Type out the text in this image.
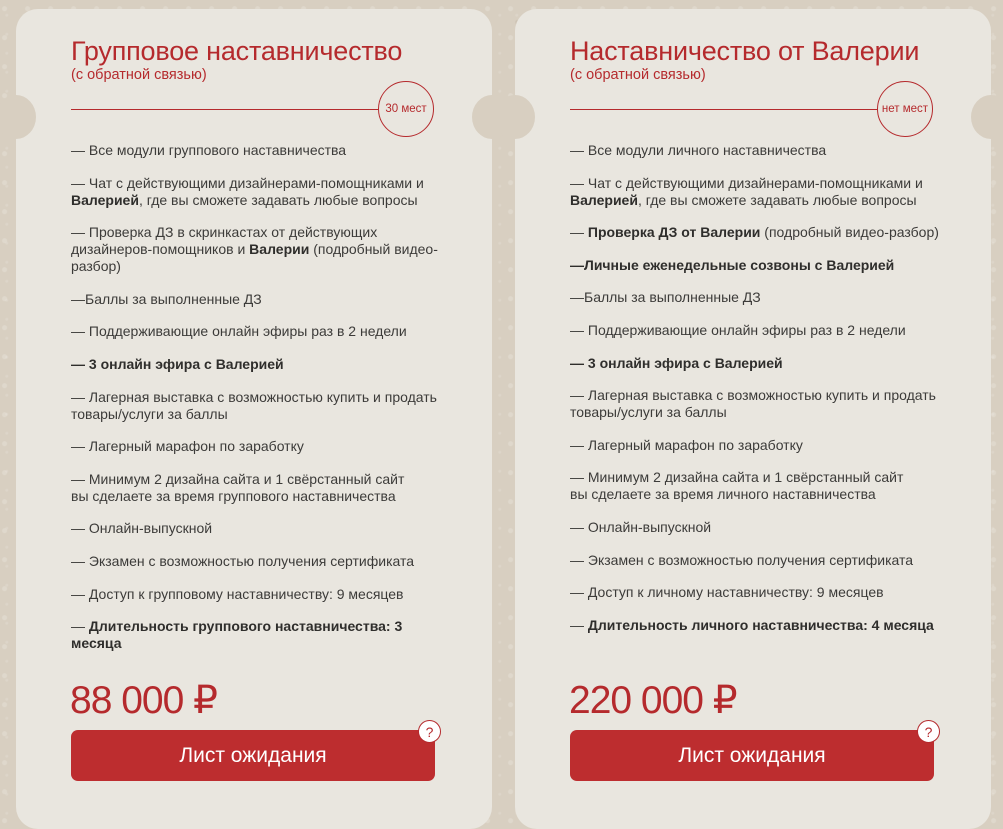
Групповое наставничество
(с обратной связью)
30 мест
— Все модули группового наставничества
— Чат с действующими дизайнерами-помощниками и Валерией, где вы сможете задавать любые вопросы
— Проверка ДЗ в скринкастах от действующих дизайнеров-помощников и Валерии (подробный видео-разбор)
—Баллы за выполненные ДЗ
— Поддерживающие онлайн эфиры раз в 2 недели
— 3 онлайн эфира с Валерией
— Лагерная выставка с возможностью купить и продать товары/услуги за баллы
— Лагерный марафон по заработку
— Минимум 2 дизайна сайта и 1 свёрстанный сайт
вы сделаете за время группового наставничества
— Онлайн-выпускной
— Экзамен с возможностью получения сертификата
— Доступ к групповому наставничеству: 9 месяцев
— Длительность группового наставничества: 3 месяца
88 000 ₽
Лист ожидания
?
Наставничество от Валерии
(с обратной связью)
нет мест
— Все модули личного наставничества
— Чат с действующими дизайнерами-помощниками и Валерией, где вы сможете задавать любые вопросы
— Проверка ДЗ от Валерии (подробный видео-разбор)
—Личные еженедельные созвоны с Валерией
—Баллы за выполненные ДЗ
— Поддерживающие онлайн эфиры раз в 2 недели
— 3 онлайн эфира с Валерией
— Лагерная выставка с возможностью купить и продать товары/услуги за баллы
— Лагерный марафон по заработку
— Минимум 2 дизайна сайта и 1 свёрстанный сайт
вы сделаете за время личного наставничества
— Онлайн-выпускной
— Экзамен с возможностью получения сертификата
— Доступ к личному наставничеству: 9 месяцев
— Длительность личного наставничества: 4 месяца
220 000 ₽
Лист ожидания
?
